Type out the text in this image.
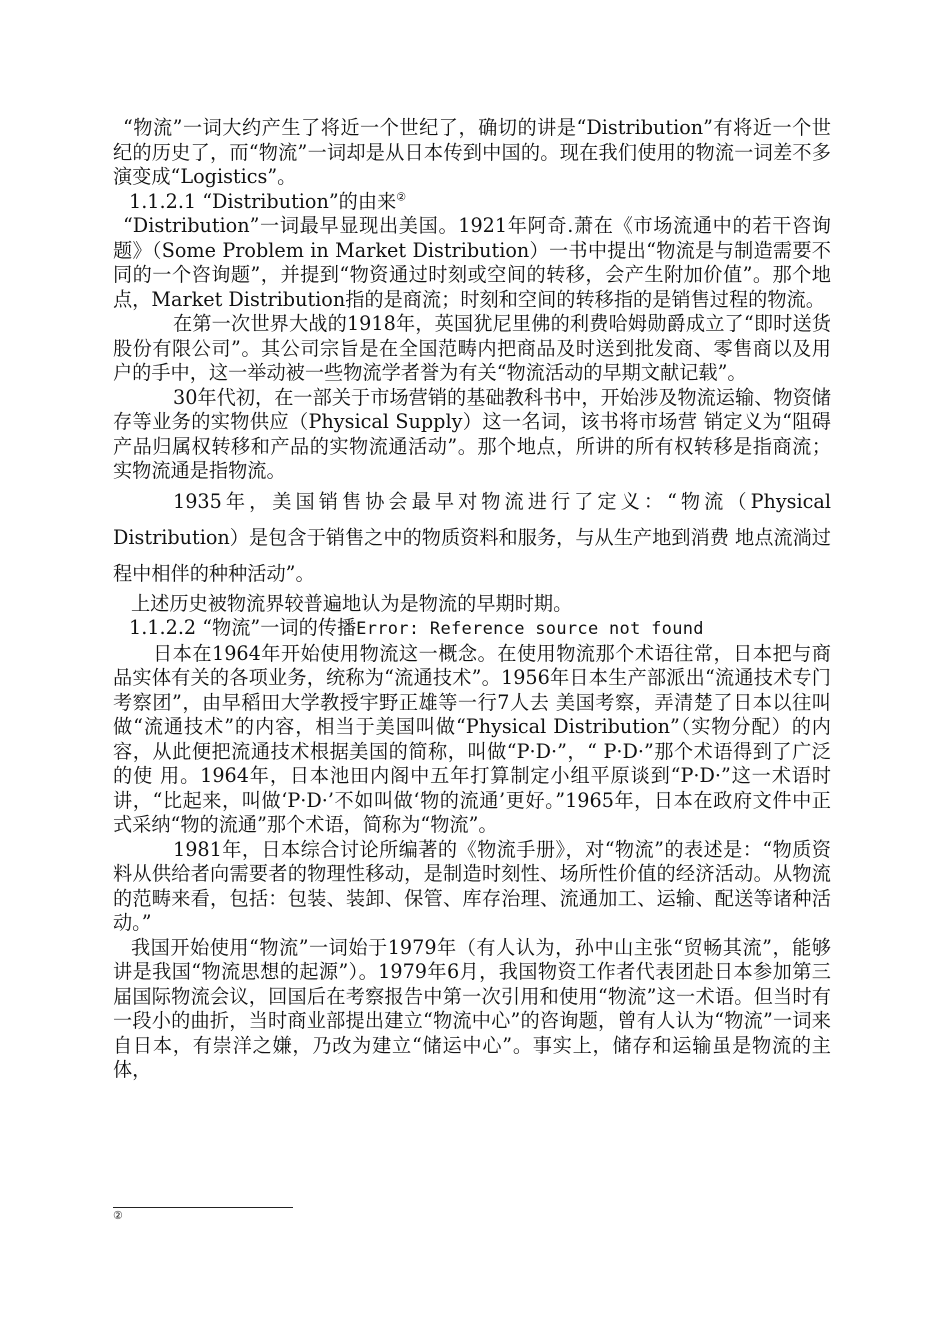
“物流”一词大约产生了将近一个世纪了，确切的讲是“Distribution”有将近一个世纪的历史了，而“物流”一词却是从日本传到中国的。现在我们使用的物流一词差不多演变成“Logistics”。

1.1.2.1 “Distribution”的由来②

“Distribution”一词最早显现出美国。1921年阿奇.萧在《市场流通中的若干咨询题》（Some Problem in Market Distribution）一书中提出“物流是与制造需要不同的一个咨询题”，并提到“物资通过时刻或空间的转移，会产生附加价值”。那个地点，Market Distribution指的是商流；时刻和空间的转移指的是销售过程的物流。

在第一次世界大战的1918年，英国犹尼里佛的利费哈姆勋爵成立了“即时送货股份有限公司”。其公司宗旨是在全国范畴内把商品及时送到批发商、零售商以及用户的手中，这一举动被一些物流学者誉为有关“物流活动的早期文献记载”。

30年代初，在一部关于市场营销的基础教科书中，开始涉及物流运输、物资储存等业务的实物供应（Physical Supply）这一名词，该书将市场营 销定义为“阻碍产品归属权转移和产品的实物流通活动”。那个地点，所讲的所有权转移是指商流；实物流通是指物流。

1935年，美国销售协会最早对物流进行了定义：“物流（Physical Distribution）是包含于销售之中的物质资料和服务，与从生产地到消费 地点流淌过程中相伴的种种活动”。

上述历史被物流界较普遍地认为是物流的早期时期。

1.1.2.2 “物流”一词的传播Error: Reference source not found

日本在1964年开始使用物流这一概念。在使用物流那个术语往常，日本把与商品实体有关的各项业务，统称为“流通技术”。1956年日本生产部派出“流通技术专门考察团”，由早稻田大学教授宇野正雄等一行7人去 美国考察，弄清楚了日本以往叫做“流通技术”的内容，相当于美国叫做“Physical Distribution”（实物分配）的内容，从此便把流通技术根据美国的简称，叫做“P·D·”，“ P·D·”那个术语得到了广泛的使 用。1964年，日本池田内阁中五年打算制定小组平原谈到“P·D·”这一术语时讲，“比起来，叫做‘P·D·’不如叫做‘物的流通’更好。”1965年，日本在政府文件中正式采纳“物的流通”那个术语，简称为“物流”。

1981年，日本综合讨论所编著的《物流手册》，对“物流”的表述是：“物质资料从供给者向需要者的物理性移动，是制造时刻性、场所性价值的经济活动。从物流的范畴来看，包括：包装、装卸、保管、库存治理、流通加工、运输、配送等诸种活动。”

我国开始使用“物流”一词始于1979年（有人认为，孙中山主张“贸畅其流”，能够讲是我国“物流思想的起源”）。1979年6月，我国物资工作者代表团赴日本参加第三届国际物流会议，回国后在考察报告中第一次引用和使用“物流”这一术语。但当时有一段小的曲折，当时商业部提出建立“物流中心”的咨询题，曾有人认为“物流”一词来自日本，有崇洋之嫌，乃改为建立“储运中心”。事实上，储存和运输虽是物流的主体，

②
